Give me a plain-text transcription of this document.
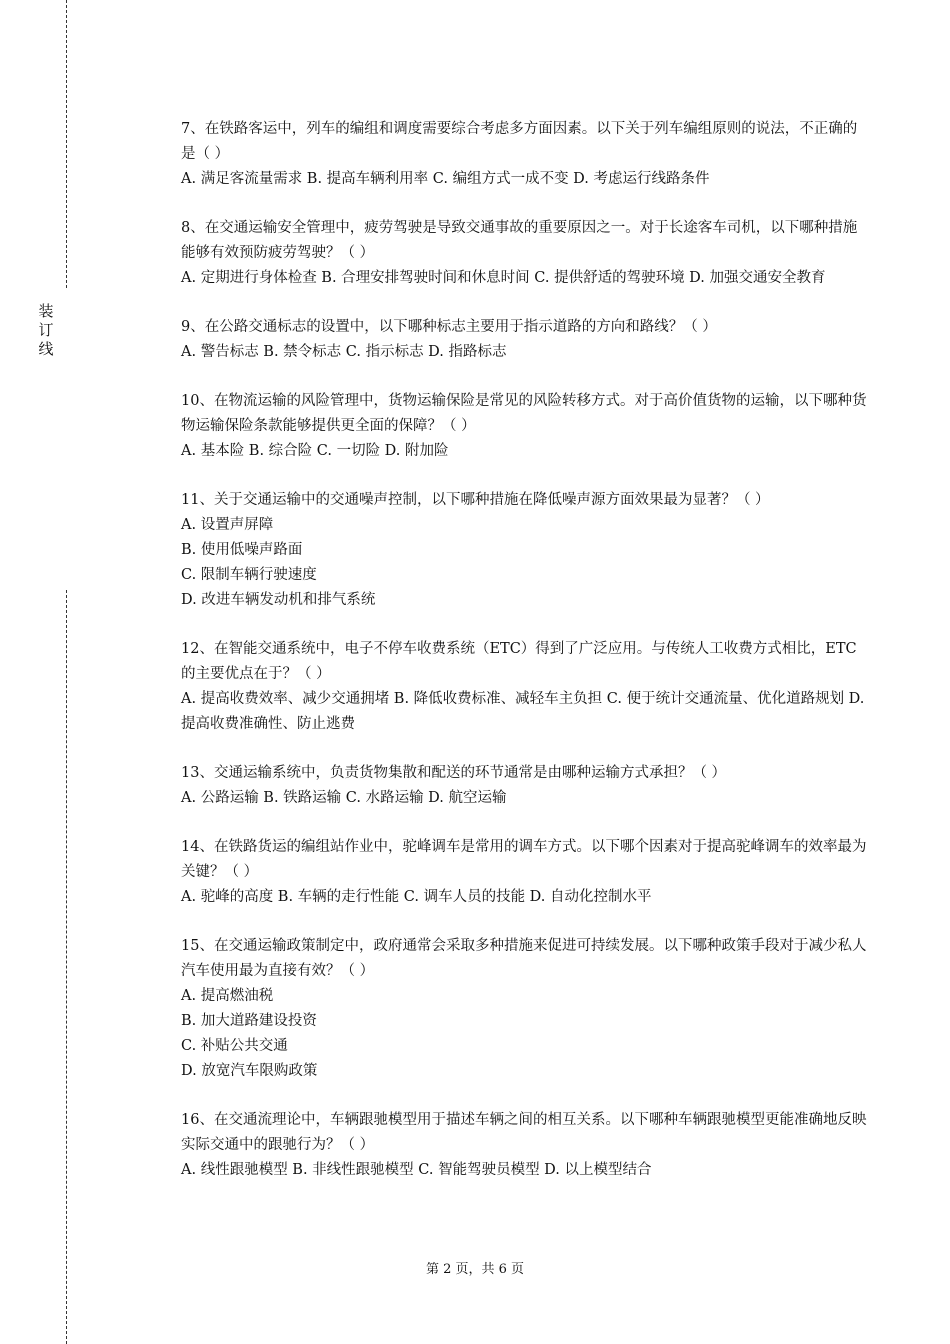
装
订
线

7、在铁路客运中，列车的编组和调度需要综合考虑多方面因素。以下关于列车编组原则的说法，不正确的是（ ）

A. 满足客流量需求 B. 提高车辆利用率 C. 编组方式一成不变 D. 考虑运行线路条件

8、在交通运输安全管理中，疲劳驾驶是导致交通事故的重要原因之一。对于长途客车司机，以下哪种措施能够有效预防疲劳驾驶？（ ）

A. 定期进行身体检查 B. 合理安排驾驶时间和休息时间 C. 提供舒适的驾驶环境 D. 加强交通安全教育

9、在公路交通标志的设置中，以下哪种标志主要用于指示道路的方向和路线？（ ）

A. 警告标志 B. 禁令标志 C. 指示标志 D. 指路标志

10、在物流运输的风险管理中，货物运输保险是常见的风险转移方式。对于高价值货物的运输，以下哪种货物运输保险条款能够提供更全面的保障？（ ）

A. 基本险 B. 综合险 C. 一切险 D. 附加险

11、关于交通运输中的交通噪声控制，以下哪种措施在降低噪声源方面效果最为显著？（ ）

A. 设置声屏障

B. 使用低噪声路面

C. 限制车辆行驶速度

D. 改进车辆发动机和排气系统

12、在智能交通系统中，电子不停车收费系统（ETC）得到了广泛应用。与传统人工收费方式相比，ETC 的主要优点在于？（ ）

A. 提高收费效率、减少交通拥堵 B. 降低收费标准、减轻车主负担 C. 便于统计交通流量、优化道路规划 D. 提高收费准确性、防止逃费

13、交通运输系统中，负责货物集散和配送的环节通常是由哪种运输方式承担？（ ）

A. 公路运输 B. 铁路运输 C. 水路运输 D. 航空运输

14、在铁路货运的编组站作业中，驼峰调车是常用的调车方式。以下哪个因素对于提高驼峰调车的效率最为关键？（ ）

A. 驼峰的高度 B. 车辆的走行性能 C. 调车人员的技能 D. 自动化控制水平

15、在交通运输政策制定中，政府通常会采取多种措施来促进可持续发展。以下哪种政策手段对于减少私人汽车使用最为直接有效？（ ）

A. 提高燃油税

B. 加大道路建设投资

C. 补贴公共交通

D. 放宽汽车限购政策

16、在交通流理论中，车辆跟驰模型用于描述车辆之间的相互关系。以下哪种车辆跟驰模型更能准确地反映实际交通中的跟驰行为？（ ）

A. 线性跟驰模型 B. 非线性跟驰模型 C. 智能驾驶员模型 D. 以上模型结合

第 2 页，共 6 页
